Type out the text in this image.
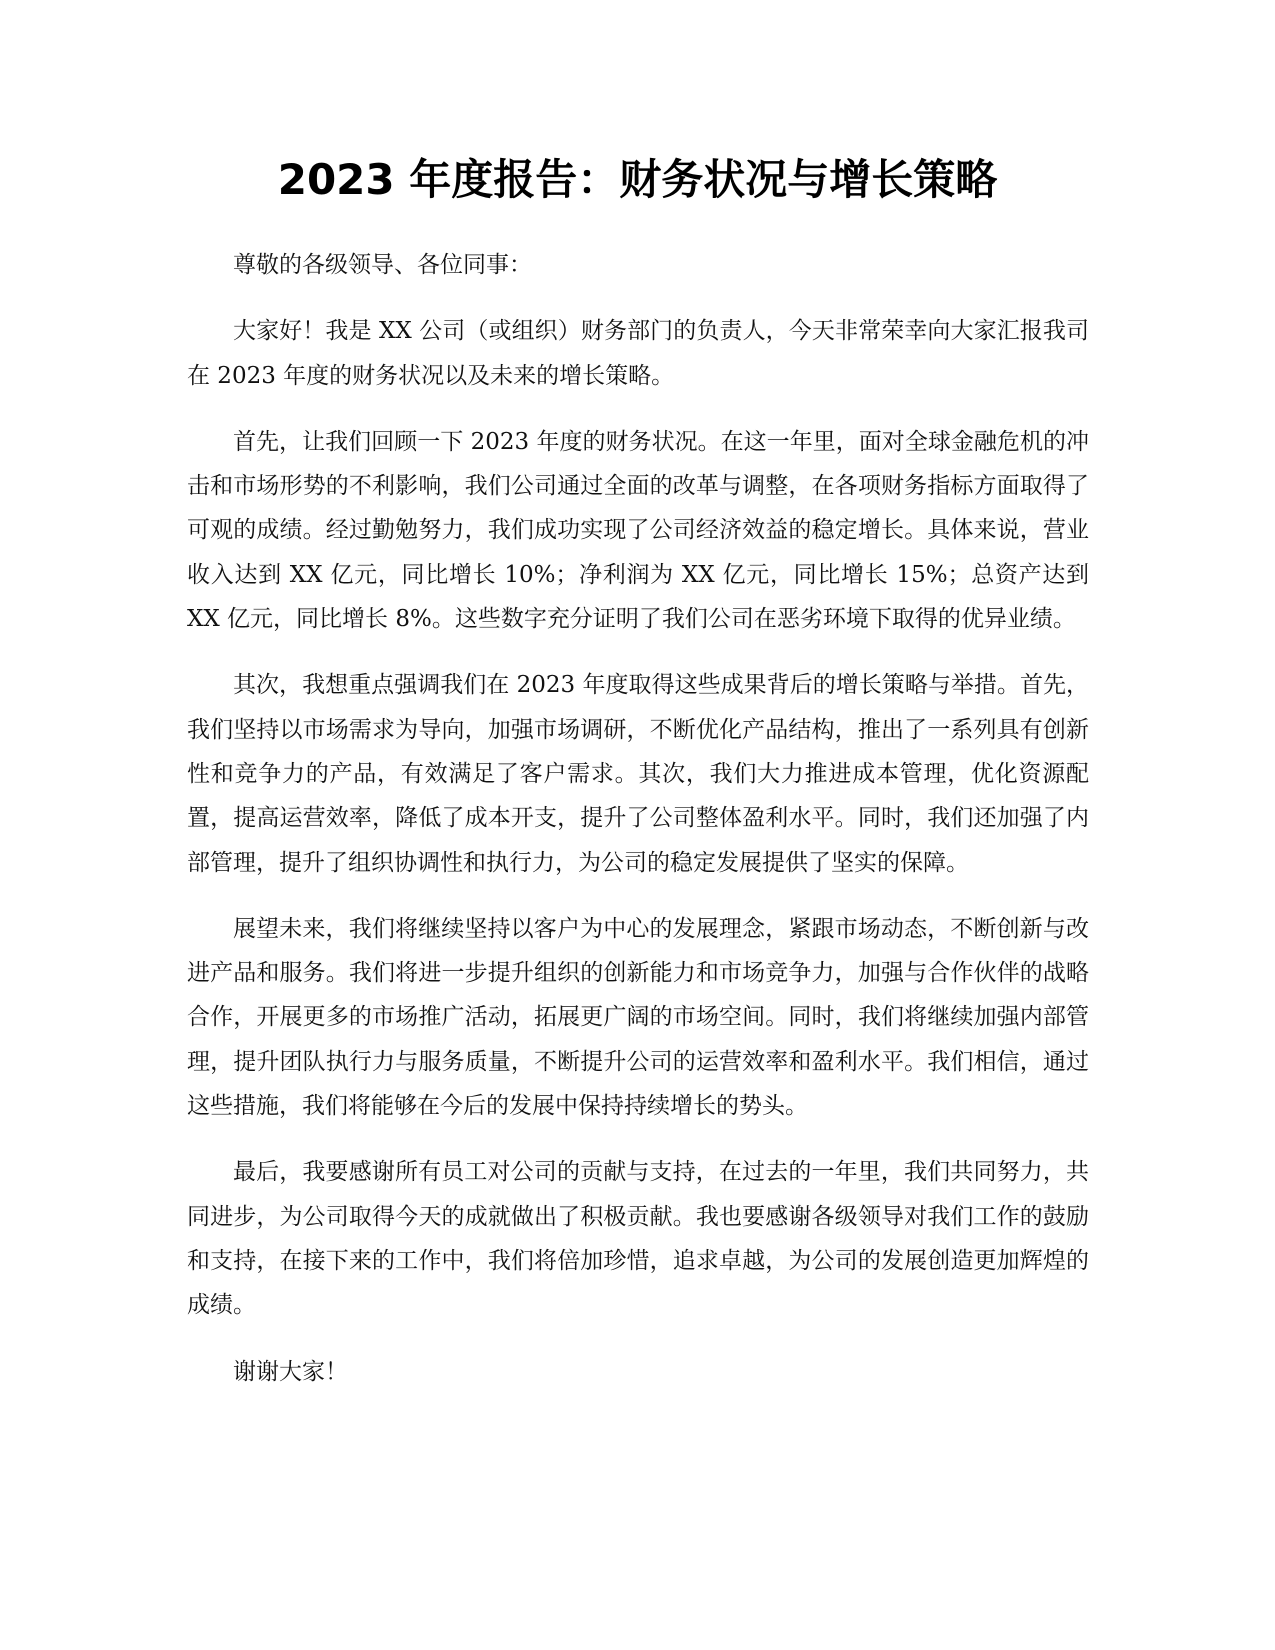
2023 年度报告：财务状况与增长策略

尊敬的各级领导、各位同事：

大家好！我是 XX 公司（或组织）财务部门的负责人，今天非常荣幸向大家汇报我司在 2023 年度的财务状况以及未来的增长策略。

首先，让我们回顾一下 2023 年度的财务状况。在这一年里，面对全球金融危机的冲击和市场形势的不利影响，我们公司通过全面的改革与调整，在各项财务指标方面取得了可观的成绩。经过勤勉努力，我们成功实现了公司经济效益的稳定增长。具体来说，营业收入达到 XX 亿元，同比增长 10%；净利润为 XX 亿元，同比增长 15%；总资产达到 XX 亿元，同比增长 8%。这些数字充分证明了我们公司在恶劣环境下取得的优异业绩。

其次，我想重点强调我们在 2023 年度取得这些成果背后的增长策略与举措。首先，我们坚持以市场需求为导向，加强市场调研，不断优化产品结构，推出了一系列具有创新性和竞争力的产品，有效满足了客户需求。其次，我们大力推进成本管理，优化资源配置，提高运营效率，降低了成本开支，提升了公司整体盈利水平。同时，我们还加强了内部管理，提升了组织协调性和执行力，为公司的稳定发展提供了坚实的保障。

展望未来，我们将继续坚持以客户为中心的发展理念，紧跟市场动态，不断创新与改进产品和服务。我们将进一步提升组织的创新能力和市场竞争力，加强与合作伙伴的战略合作，开展更多的市场推广活动，拓展更广阔的市场空间。同时，我们将继续加强内部管理，提升团队执行力与服务质量，不断提升公司的运营效率和盈利水平。我们相信，通过这些措施，我们将能够在今后的发展中保持持续增长的势头。

最后，我要感谢所有员工对公司的贡献与支持，在过去的一年里，我们共同努力，共同进步，为公司取得今天的成就做出了积极贡献。我也要感谢各级领导对我们工作的鼓励和支持，在接下来的工作中，我们将倍加珍惜，追求卓越，为公司的发展创造更加辉煌的成绩。

谢谢大家！
